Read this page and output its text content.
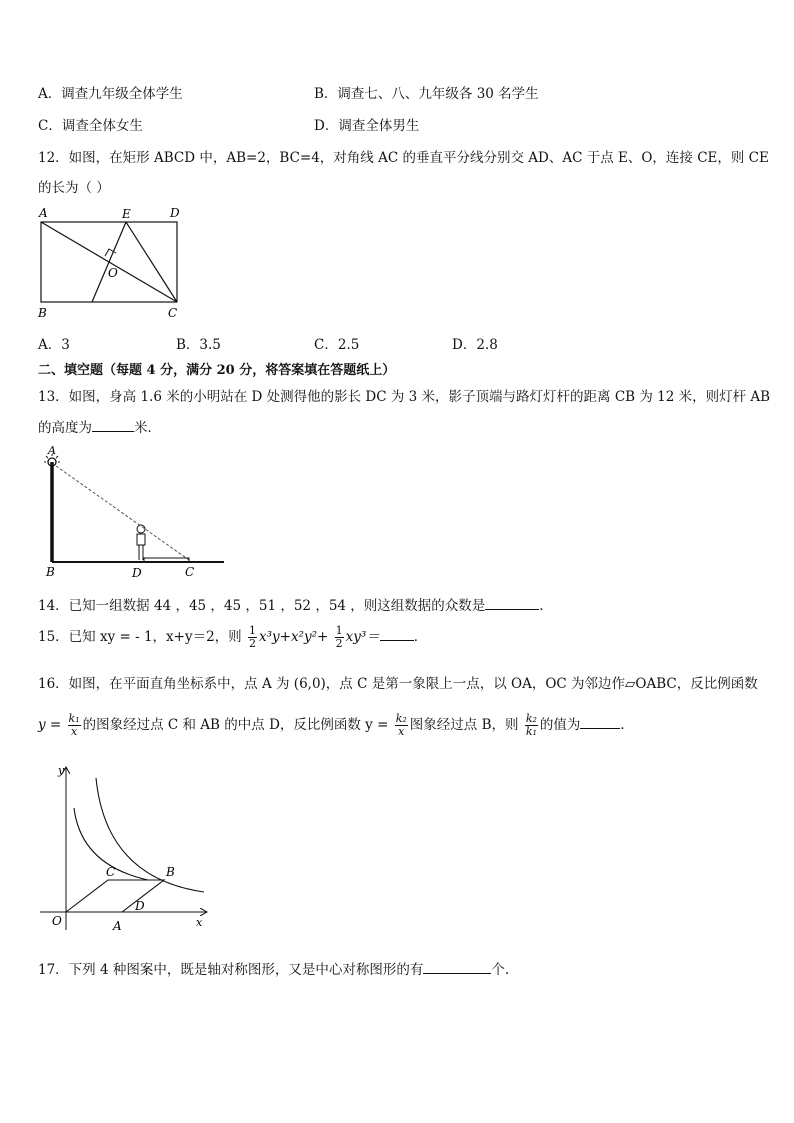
A．调查九年级全体学生	B．调查七、八、九年级各 30 名学生
C．调查全体女生	D．调查全体男生
12．如图，在矩形 ABCD 中，AB=2，BC=4，对角线 AC 的垂直平分线分别交 AD、AC 于点 E、O，连接 CE，则 CE
的长为（ ）
A	E	D
O
B	C
A．3	B．3.5	C．2.5	D．2.8
二、填空题（每题 4 分，满分 20 分，将答案填在答题纸上）
13．如图，身高 1.6 米的小明站在 D 处测得他的影长 DC 为 3 米，影子顶端与路灯灯杆的距离 CB 为 12 米，则灯杆 AB
的高度为	米．
A
B	D	C
14．已知一组数据 44 ，45 ，45 ，51 ，52 ，54 ，则这组数据的众数是	.
15．已知 xy = - 1，x+y＝2，则 $\frac{1}{2} x^3y+x^2y^2+ \frac{1}{2} xy^3=$	．
16．如图，在平面直角坐标系中，点 A 为 (6,0)，点 C 是第一象限上一点，以 OA，OC 为邻边作▱OABC，反比例函数
$y = \frac{\text{k₁}}{x}$ 的图象经过点 C 和 AB 的中点 D，反比例函数 $y = \frac{\text{k₂}}{x}$ 图象经过点 B，则 $\frac{\text{k₂}}{\text{k₁}}$ 的值为	．
y
x
O	A
C	B
D
17．下列 4 种图案中，既是轴对称图形，又是中心对称图形的有	个.
